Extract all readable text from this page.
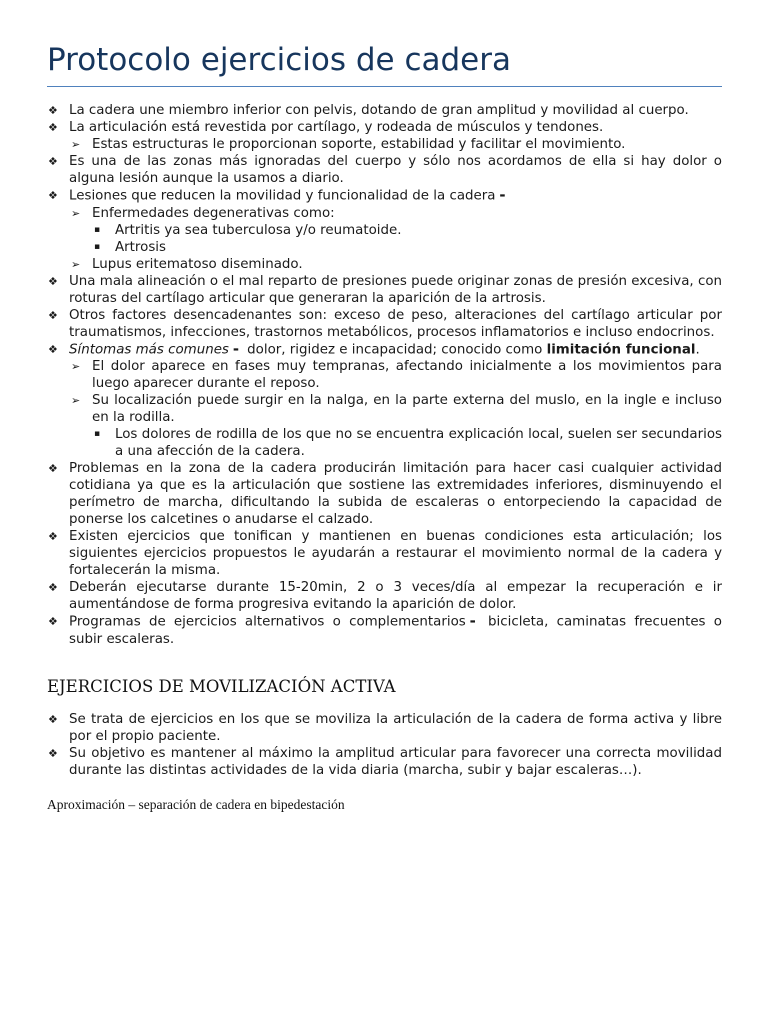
Protocolo ejercicios de cadera
❖ La cadera une miembro inferior con pelvis, dotando de gran amplitud y movilidad al cuerpo.
❖ La articulación está revestida por cartílago, y rodeada de músculos y tendones.
➢ Estas estructuras le proporcionan soporte, estabilidad y facilitar el movimiento.
❖ Es una de las zonas más ignoradas del cuerpo y sólo nos acordamos de ella si hay dolor o alguna lesión aunque la usamos a diario.
❖ Lesiones que reducen la movilidad y funcionalidad de la cadera ▬
➢ Enfermedades degenerativas como:
▪ Artritis ya sea tuberculosa y/o reumatoide.
▪ Artrosis
➢ Lupus eritematoso diseminado.
❖ Una mala alineación o el mal reparto de presiones puede originar zonas de presión excesiva, con roturas del cartílago articular que generaran la aparición de la artrosis.
❖ Otros factores desencadenantes son: exceso de peso, alteraciones del cartílago articular por traumatismos, infecciones, trastornos metabólicos, procesos inflamatorios e incluso endocrinos.
❖ Síntomas más comunes ▬ dolor, rigidez e incapacidad; conocido como limitación funcional.
➢ El dolor aparece en fases muy tempranas, afectando inicialmente a los movimientos para luego aparecer durante el reposo.
➢ Su localización puede surgir en la nalga, en la parte externa del muslo, en la ingle e incluso en la rodilla.
▪ Los dolores de rodilla de los que no se encuentra explicación local, suelen ser secundarios a una afección de la cadera.
❖ Problemas en la zona de la cadera producirán limitación para hacer casi cualquier actividad cotidiana ya que es la articulación que sostiene las extremidades inferiores, disminuyendo el perímetro de marcha, dificultando la subida de escaleras o entorpeciendo la capacidad de ponerse los calcetines o anudarse el calzado.
❖ Existen ejercicios que tonifican y mantienen en buenas condiciones esta articulación; los siguientes ejercicios propuestos le ayudarán a restaurar el movimiento normal de la cadera y fortalecerán la misma.
❖ Deberán ejecutarse durante 15-20min, 2 o 3 veces/día al empezar la recuperación e ir aumentándose de forma progresiva evitando la aparición de dolor.
❖ Programas de ejercicios alternativos o complementarios ▬ bicicleta, caminatas frecuentes o subir escaleras.
EJERCICIOS DE MOVILIZACIÓN ACTIVA
❖ Se trata de ejercicios en los que se moviliza la articulación de la cadera de forma activa y libre por el propio paciente.
❖ Su objetivo es mantener al máximo la amplitud articular para favorecer una correcta movilidad durante las distintas actividades de la vida diaria (marcha, subir y bajar escaleras…).
Aproximación – separación de cadera en bipedestación
